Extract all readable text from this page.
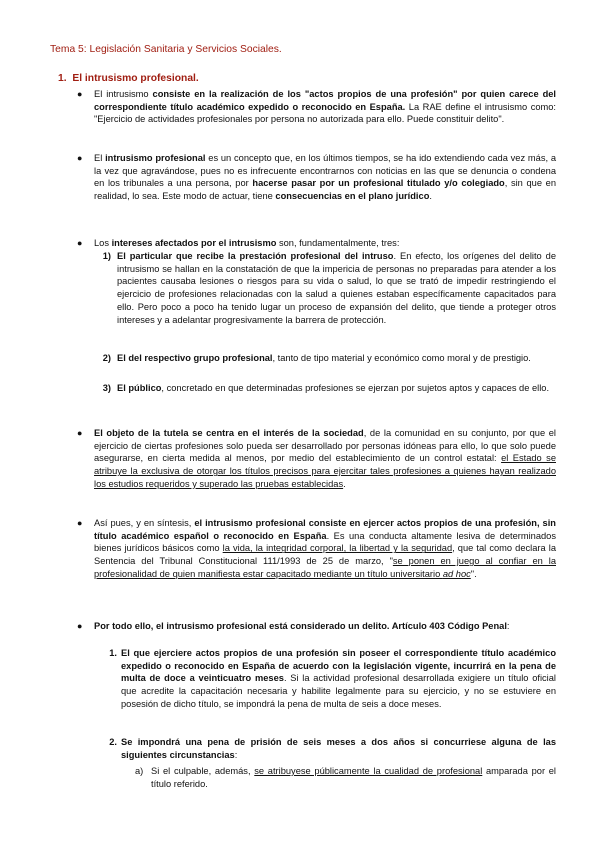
Tema 5: Legislación Sanitaria y Servicios Sociales.
1. El intrusismo profesional.
● El intrusismo consiste en la realización de los "actos propios de una profesión" por quien carece del correspondiente título académico expedido o reconocido en España. La RAE define el intrusismo como: "Ejercicio de actividades profesionales por persona no autorizada para ello. Puede constituir delito".
● El intrusismo profesional es un concepto que, en los últimos tiempos, se ha ido extendiendo cada vez más, a la vez que agravándose, pues no es infrecuente encontrarnos con noticias en las que se denuncia o condena en los tribunales a una persona, por hacerse pasar por un profesional titulado y/o colegiado, sin que en realidad, lo sea. Este modo de actuar, tiene consecuencias en el plano jurídico.
● Los intereses afectados por el intrusismo son, fundamentalmente, tres:
1) El particular que recibe la prestación profesional del intruso. En efecto, los orígenes del delito de intrusismo se hallan en la constatación de que la impericia de personas no preparadas para atender a los pacientes causaba lesiones o riesgos para su vida o salud, lo que se trató de impedir restringiendo el ejercicio de profesiones relacionadas con la salud a quienes estaban específicamente capacitados para ello. Pero poco a poco ha tenido lugar un proceso de expansión del delito, que tiende a proteger otros intereses y a adelantar progresivamente la barrera de protección.
2) El del respectivo grupo profesional, tanto de tipo material y económico como moral y de prestigio.
3) El público, concretado en que determinadas profesiones se ejerzan por sujetos aptos y capaces de ello.
● El objeto de la tutela se centra en el interés de la sociedad, de la comunidad en su conjunto, por que el ejercicio de ciertas profesiones solo pueda ser desarrollado por personas idóneas para ello, lo que solo puede asegurarse, en cierta medida al menos, por medio del establecimiento de un control estatal: el Estado se atribuye la exclusiva de otorgar los títulos precisos para ejercitar tales profesiones a quienes hayan realizado los estudios requeridos y superado las pruebas establecidas.
● Así pues, y en síntesis, el intrusismo profesional consiste en ejercer actos propios de una profesión, sin título académico español o reconocido en España. Es una conducta altamente lesiva de determinados bienes jurídicos básicos como la vida, la integridad corporal, la libertad y la seguridad, que tal como declara la Sentencia del Tribunal Constitucional 111/1993 de 25 de marzo, "se ponen en juego al confiar en la profesionalidad de quien manifiesta estar capacitado mediante un título universitario ad hoc".
● Por todo ello, el intrusismo profesional está considerado un delito. Artículo 403 Código Penal:
1. El que ejerciere actos propios de una profesión sin poseer el correspondiente título académico expedido o reconocido en España de acuerdo con la legislación vigente, incurrirá en la pena de multa de doce a veinticuatro meses. Si la actividad profesional desarrollada exigiere un título oficial que acredite la capacitación necesaria y habilite legalmente para su ejercicio, y no se estuviere en posesión de dicho título, se impondrá la pena de multa de seis a doce meses.
2. Se impondrá una pena de prisión de seis meses a dos años si concurriese alguna de las siguientes circunstancias:
a) Si el culpable, además, se atribuyese públicamente la cualidad de profesional amparada por el título referido.
